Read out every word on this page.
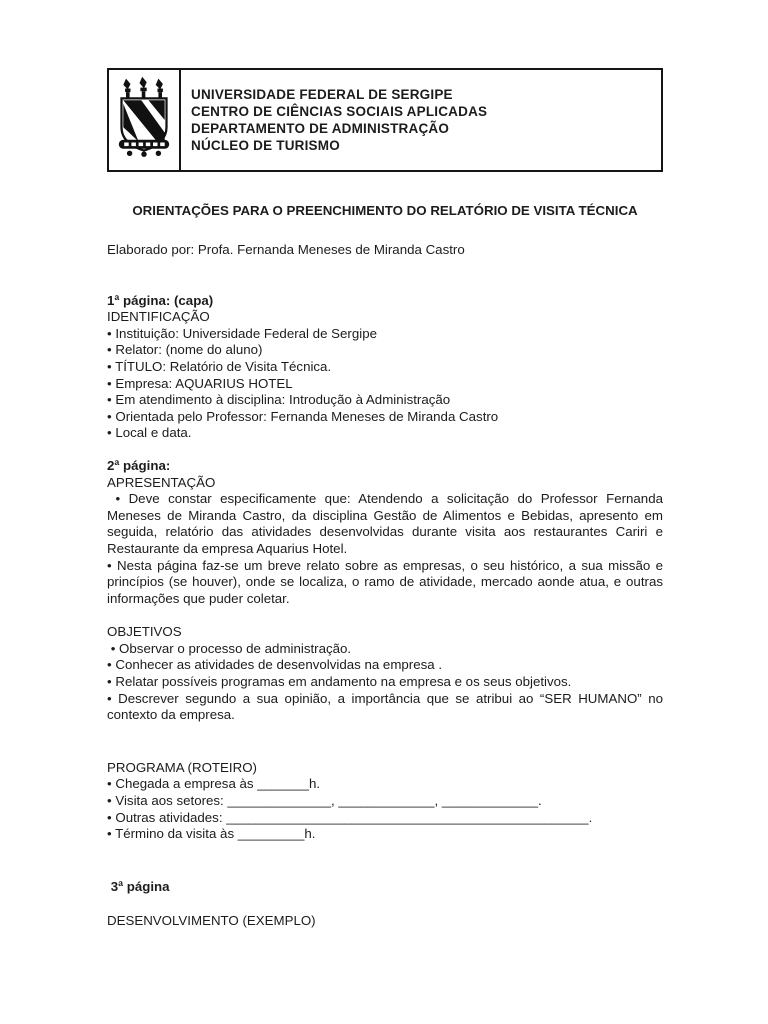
UNIVERSIDADE FEDERAL DE SERGIPE
CENTRO DE CIÊNCIAS SOCIAIS APLICADAS
DEPARTAMENTO DE ADMINISTRAÇÃO
NÚCLEO DE TURISMO
ORIENTAÇÕES PARA O PREENCHIMENTO DO RELATÓRIO DE VISITA TÉCNICA
Elaborado por: Profa. Fernanda Meneses de Miranda Castro
1ª página: (capa)
IDENTIFICAÇÃO
• Instituição: Universidade Federal de Sergipe
• Relator: (nome do aluno)
• TÍTULO: Relatório de Visita Técnica.
• Empresa: AQUARIUS HOTEL
• Em atendimento à disciplina: Introdução à Administração
• Orientada pelo Professor: Fernanda Meneses de Miranda Castro
• Local e data.
2ª página:
APRESENTAÇÃO
• Deve constar especificamente que: Atendendo a solicitação do Professor Fernanda Meneses de Miranda Castro, da disciplina Gestão de Alimentos e Bebidas, apresento em seguida, relatório das atividades desenvolvidas durante visita aos restaurantes Cariri e Restaurante da empresa Aquarius Hotel.
• Nesta página faz-se um breve relato sobre as empresas, o seu histórico, a sua missão e princípios (se houver), onde se localiza, o ramo de atividade, mercado aonde atua, e outras informações que puder coletar.
OBJETIVOS
• Observar o processo de administração.
• Conhecer as atividades de desenvolvidas na empresa .
• Relatar possíveis programas em andamento na empresa e os seus objetivos.
• Descrever segundo a sua opinião, a importância que se atribui ao “SER HUMANO” no contexto da empresa.
PROGRAMA (ROTEIRO)
• Chegada a empresa às _______h.
• Visita aos setores: ______________, _____________, _____________.
• Outras atividades: _________________________________________________.
• Término da visita às _________h.
3ª página
DESENVOLVIMENTO (EXEMPLO)
